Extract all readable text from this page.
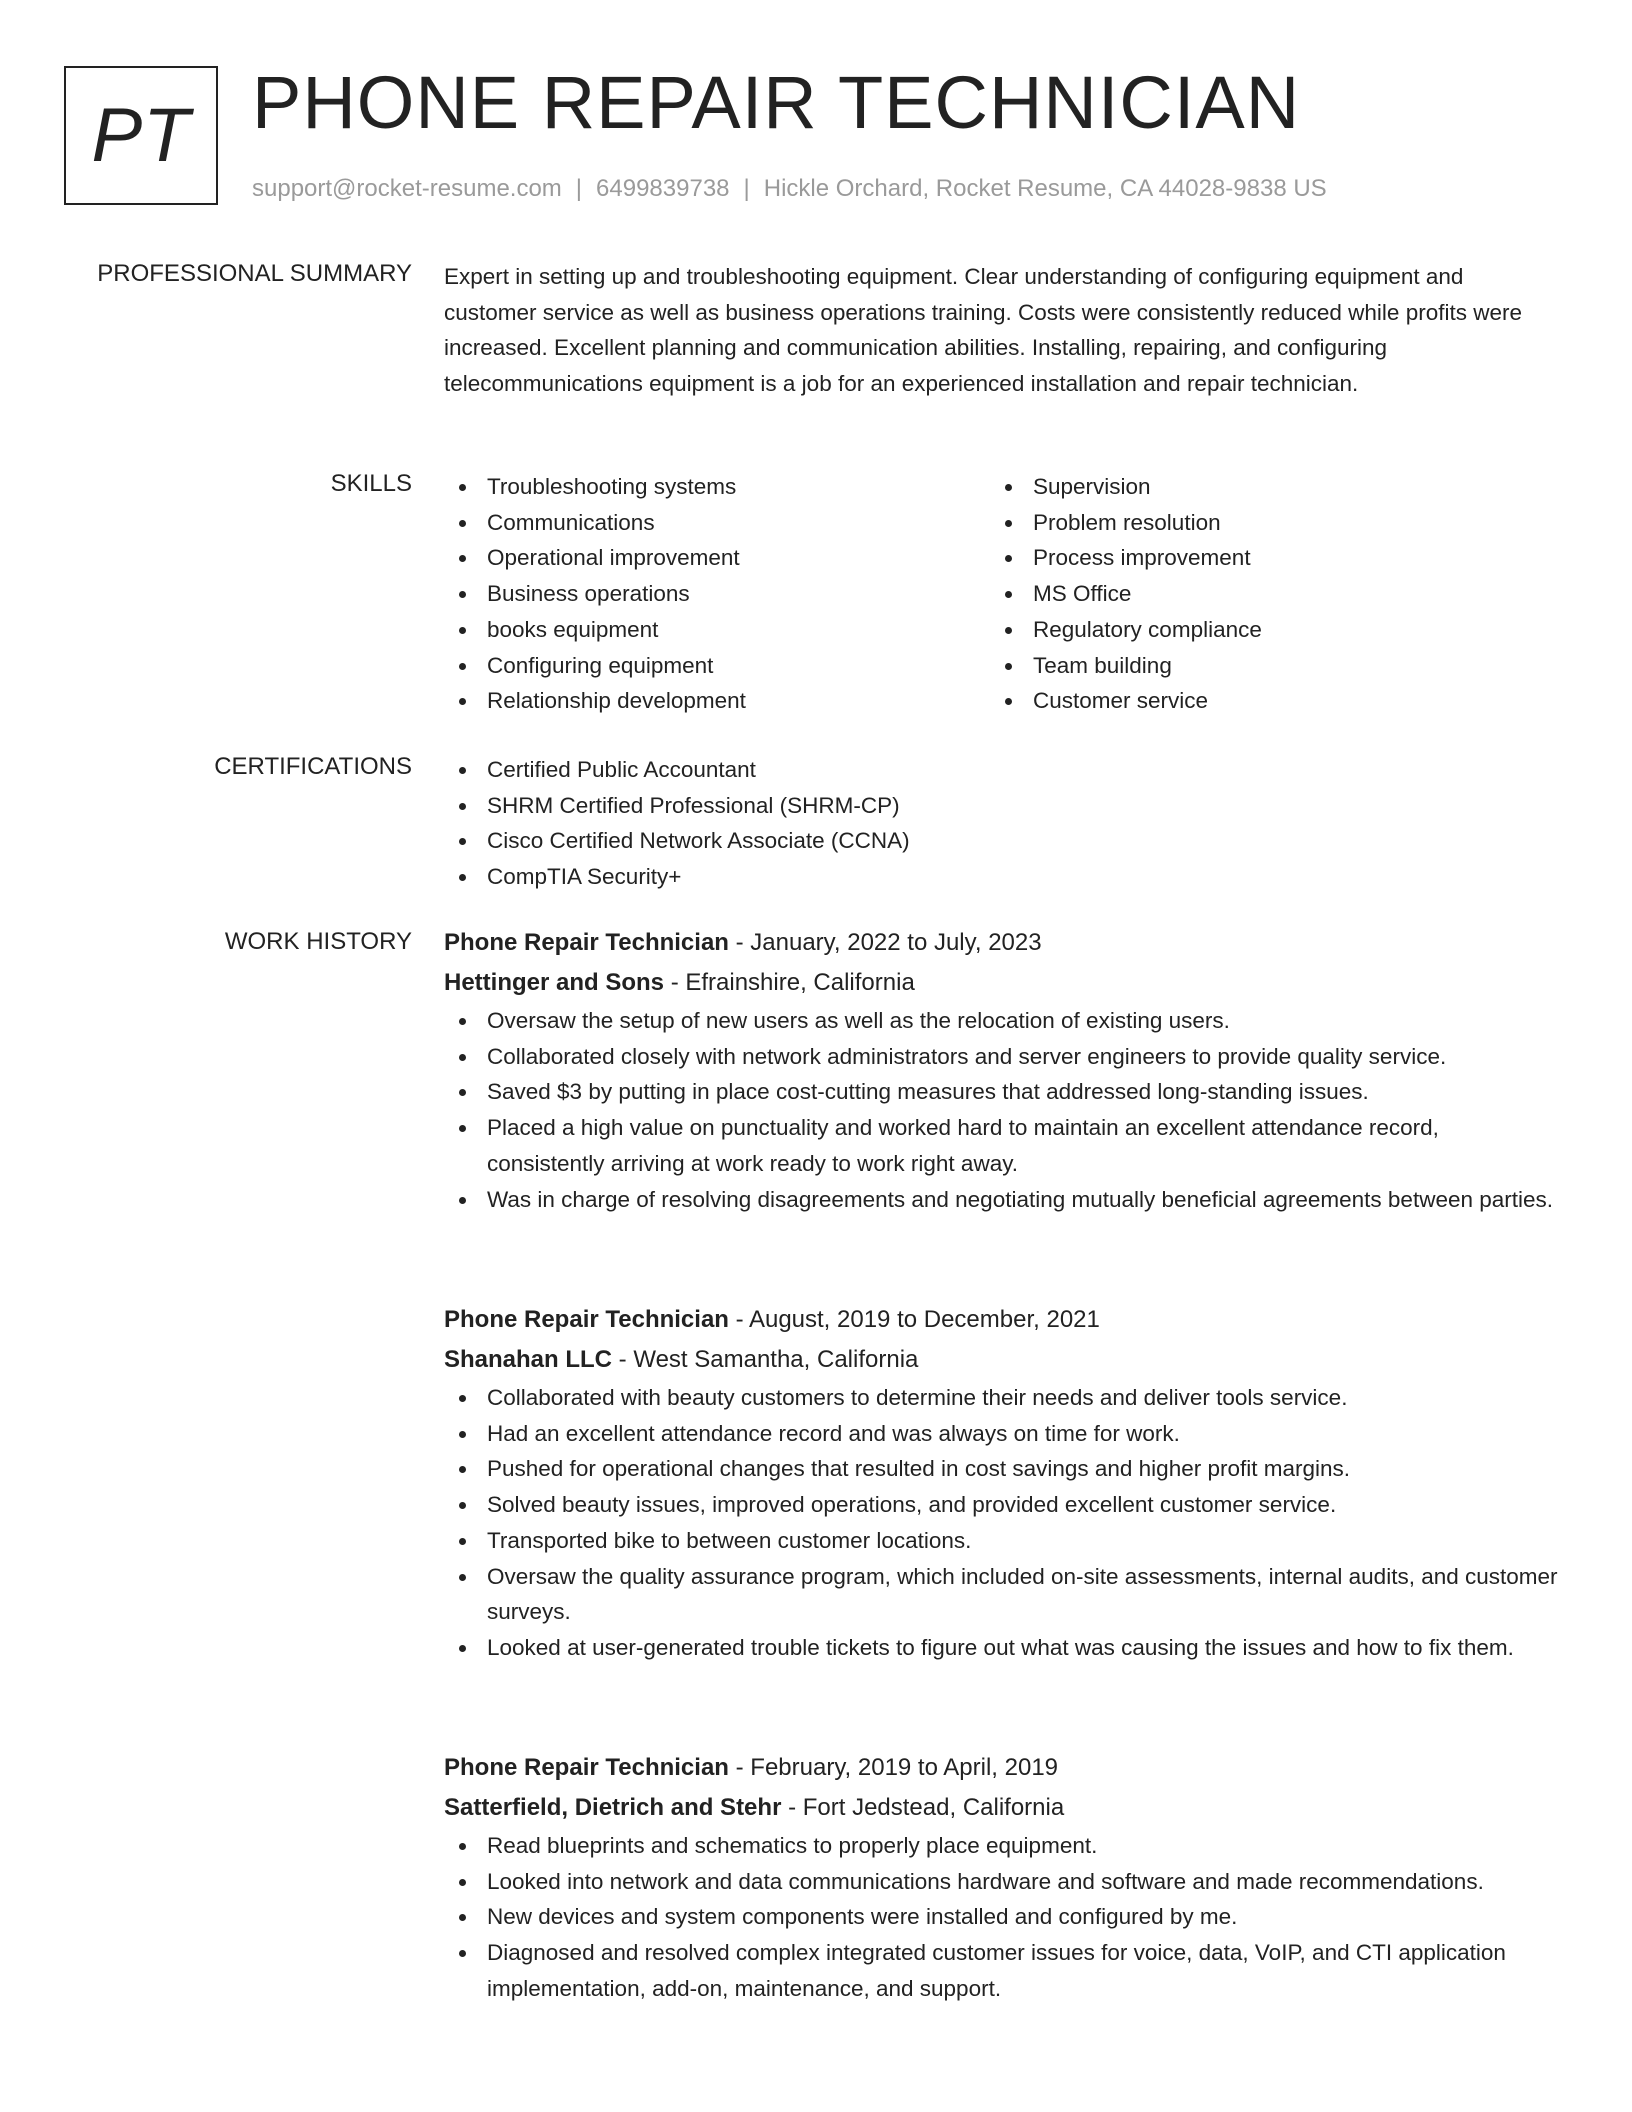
PT PHONE REPAIR TECHNICIAN
support@rocket-resume.com | 6499839738 | Hickle Orchard, Rocket Resume, CA 44028-9838 US
PROFESSIONAL SUMMARY Expert in setting up and troubleshooting equipment. Clear understanding of configuring equipment and customer service as well as business operations training. Costs were consistently reduced while profits were increased. Excellent planning and communication abilities. Installing, repairing, and configuring telecommunications equipment is a job for an experienced installation and repair technician.

SKILLS	Troubleshooting systems
Communications
Operational improvement
Business operations
books equipment
Configuring equipment
Relationship development
Supervision
Problem resolution
Process improvement
MS Office
Regulatory compliance
Team building
Customer service
CERTIFICATIONS	Certified Public Accountant
SHRM Certified Professional (SHRM-CP)
Cisco Certified Network Associate (CCNA)
CompTIA Security+
WORK HISTORY Phone Repair Technician - January, 2022 to July, 2023
Hettinger and Sons - Efrainshire, California
Oversaw the setup of new users as well as the relocation of existing users.
Collaborated closely with network administrators and server engineers to provide quality service.
Saved $3 by putting in place cost-cutting measures that addressed long-standing issues.
Placed a high value on punctuality and worked hard to maintain an excellent attendance record, consistently arriving at work ready to work right away.
Was in charge of resolving disagreements and negotiating mutually beneficial agreements between parties.
Phone Repair Technician - August, 2019 to December, 2021
Shanahan LLC - West Samantha, California
Collaborated with beauty customers to determine their needs and deliver tools service.
Had an excellent attendance record and was always on time for work.
Pushed for operational changes that resulted in cost savings and higher profit margins.
Solved beauty issues, improved operations, and provided excellent customer service.
Transported bike to between customer locations.
Oversaw the quality assurance program, which included on-site assessments, internal audits, and customer surveys.
Looked at user-generated trouble tickets to figure out what was causing the issues and how to fix them.
Phone Repair Technician - February, 2019 to April, 2019
Satterfield, Dietrich and Stehr - Fort Jedstead, California
Read blueprints and schematics to properly place equipment.
Looked into network and data communications hardware and software and made recommendations.
New devices and system components were installed and configured by me.
Diagnosed and resolved complex integrated customer issues for voice, data, VoIP, and CTI application implementation, add-on, maintenance, and support.
